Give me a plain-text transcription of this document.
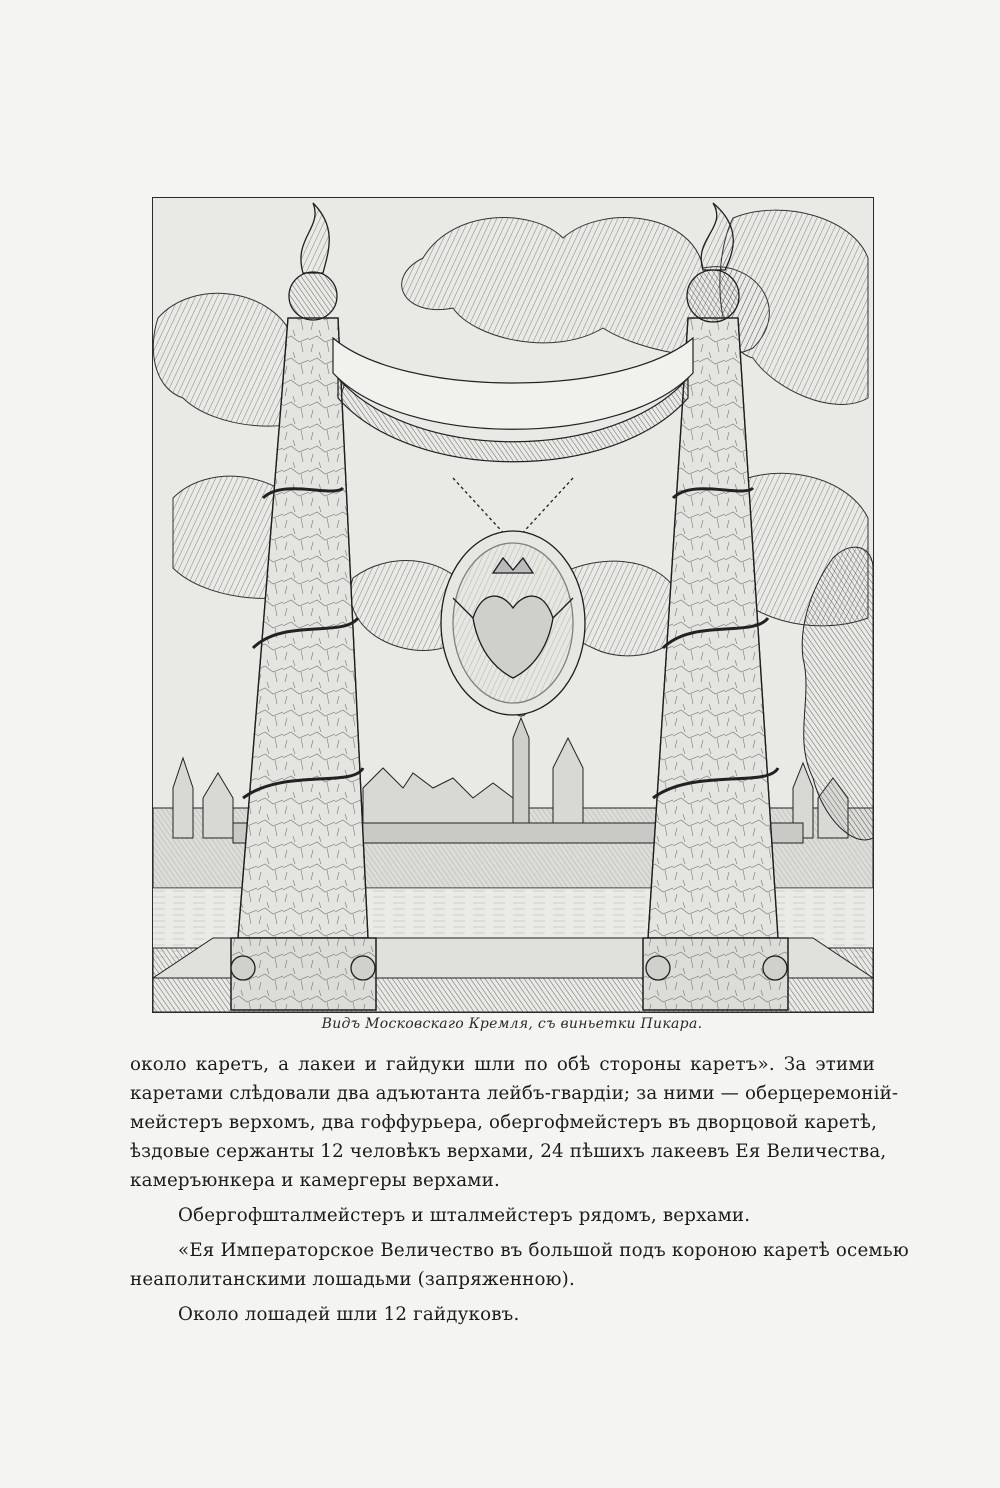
Видъ Московскаго Кремля, съ виньетки Пикара.

около каретъ, а лакеи и гайдуки шли по обѣ стороны каретъ». За этими
каретами слѣдовали два адъютанта лейбъ-гвардіи; за ними — оберцеремоній-
мейстеръ верхомъ, два гоффурьера, обергофмейстеръ въ дворцовой каретѣ,
ѣздовые сержанты 12 человѣкъ верхами, 24 пѣшихъ лакеевъ Ея Величества,
камеръюнкера и камергеры верхами.

Обергофшталмейстеръ и шталмейстеръ рядомъ, верхами.

«Ея Императорское Величество въ большой подъ короною каретѣ осемью
неаполитанскими лошадьми (запряженною).

Около лошадей шли 12 гайдуковъ.
